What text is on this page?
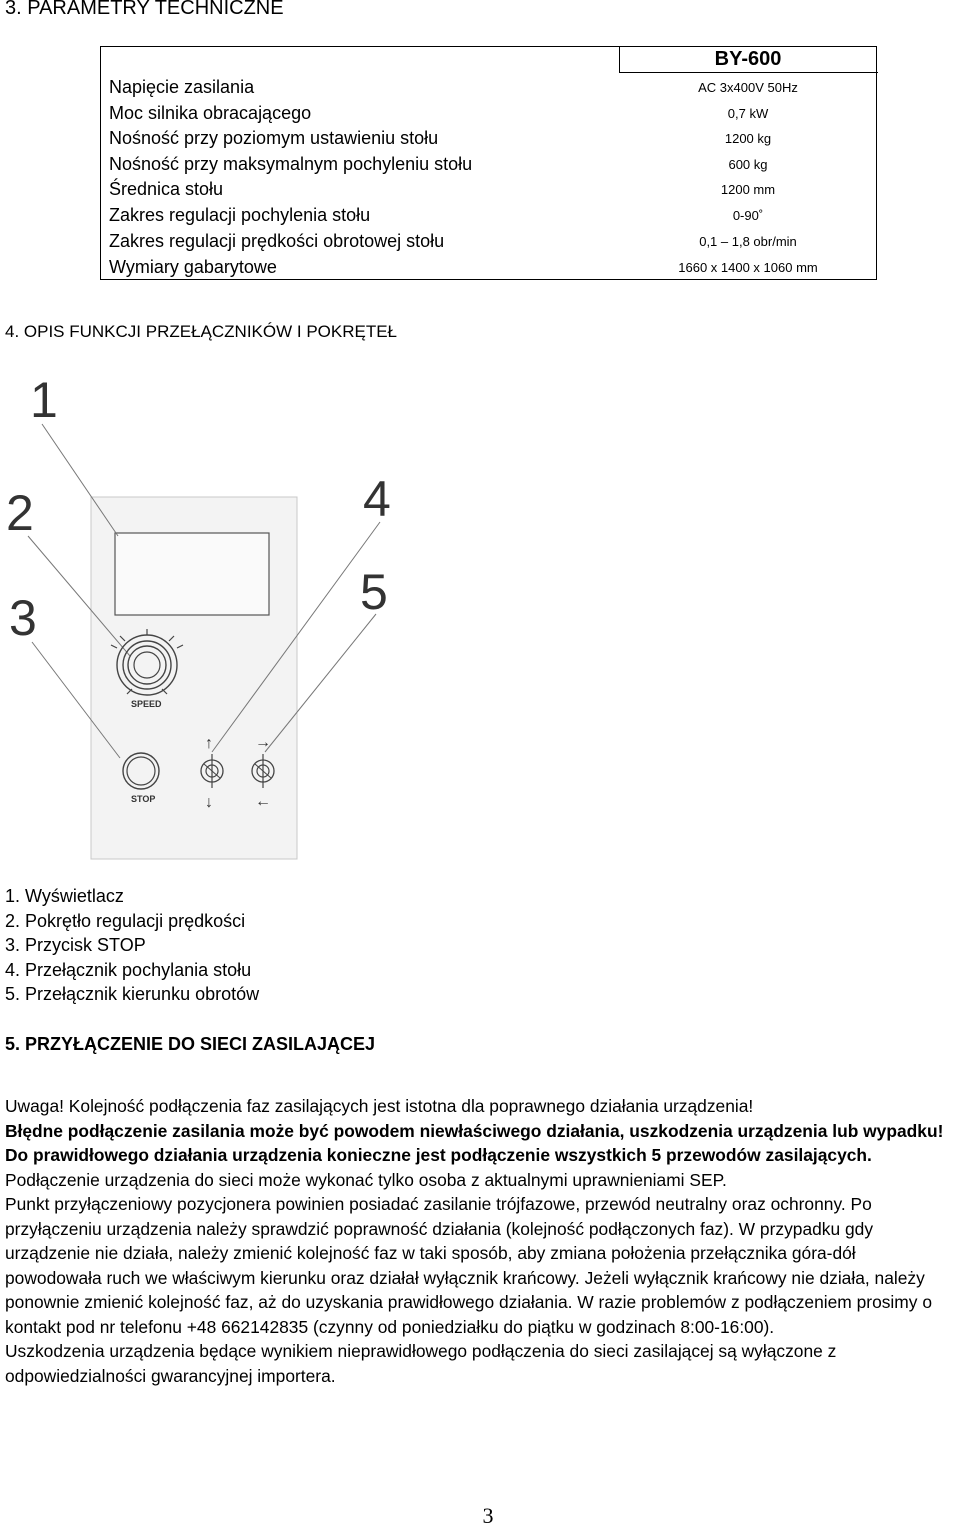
3. PARAMETRY TECHNICZNE
BY-600
Napięcie zasilania	AC 3x400V 50Hz
Moc silnika obracającego	0,7 kW
Nośność przy poziomym ustawieniu stołu	1200 kg
Nośność przy maksymalnym pochyleniu stołu	600 kg
Średnica stołu	1200 mm
Zakres regulacji pochylenia stołu	0-90˚
Zakres regulacji prędkości obrotowej stołu	0,1 – 1,8 obr/min
Wymiary gabarytowe	1660 x 1400 x 1060 mm
4. OPIS FUNKCJI PRZEŁĄCZNIKÓW I POKRĘTEŁ
1
2
3
4
5
SPEED
STOP
↑
↓
→
←
1. Wyświetlacz
2. Pokrętło regulacji prędkości
3. Przycisk STOP
4. Przełącznik pochylania stołu
5. Przełącznik kierunku obrotów
5. PRZYŁĄCZENIE DO SIECI ZASILAJĄCEJ

Uwaga! Kolejność podłączenia faz zasilających jest istotna dla poprawnego działania urządzenia!

Błędne podłączenie zasilania może być powodem niewłaściwego działania, uszkodzenia urządzenia lub wypadku! Do prawidłowego działania urządzenia konieczne jest podłączenie wszystkich 5 przewodów zasilających.

Podłączenie urządzenia do sieci może wykonać tylko osoba z aktualnymi uprawnieniami SEP.

Punkt przyłączeniowy pozycjonera powinien posiadać zasilanie trójfazowe, przewód neutralny oraz ochronny. Po przyłączeniu urządzenia należy sprawdzić poprawność działania (kolejność podłączonych faz). W przypadku gdy urządzenie nie działa, należy zmienić kolejność faz w taki sposób, aby zmiana położenia przełącznika góra-dół powodowała ruch we właściwym kierunku oraz działał wyłącznik krańcowy. Jeżeli wyłącznik krańcowy nie działa, należy ponownie zmienić kolejność faz, aż do uzyskania prawidłowego działania. W razie problemów z podłączeniem prosimy o kontakt pod nr telefonu +48 662142835 (czynny od poniedziałku do piątku w godzinach 8:00-16:00).

Uszkodzenia urządzenia będące wynikiem nieprawidłowego podłączenia do sieci zasilającej są wyłączone z odpowiedzialności gwarancyjnej importera.

3
